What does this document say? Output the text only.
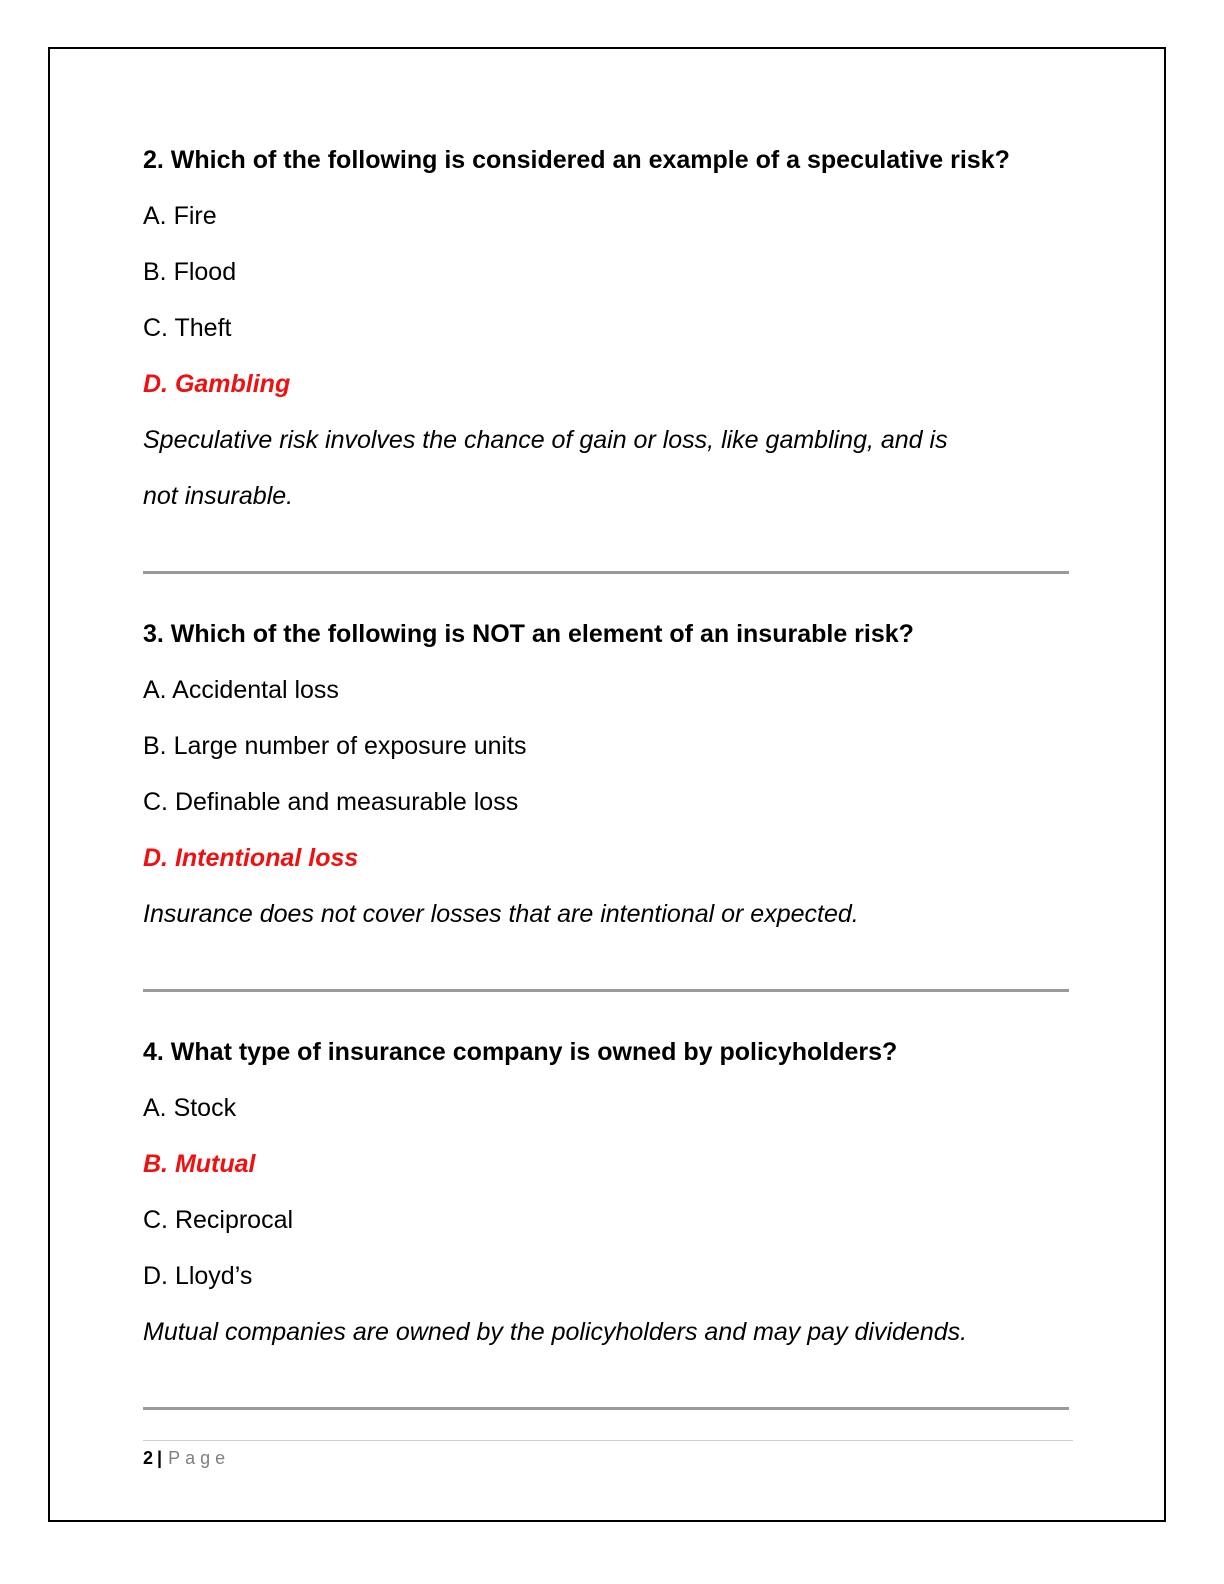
2. Which of the following is considered an example of a speculative risk?

A. Fire

B. Flood

C. Theft

D. Gambling

Speculative risk involves the chance of gain or loss, like gambling, and is
not insurable.

3. Which of the following is NOT an element of an insurable risk?

A. Accidental loss

B. Large number of exposure units

C. Definable and measurable loss

D. Intentional loss

Insurance does not cover losses that are intentional or expected.

4. What type of insurance company is owned by policyholders?

A. Stock

B. Mutual

C. Reciprocal

D. Lloyd’s

Mutual companies are owned by the policyholders and may pay dividends.
2 | Page
